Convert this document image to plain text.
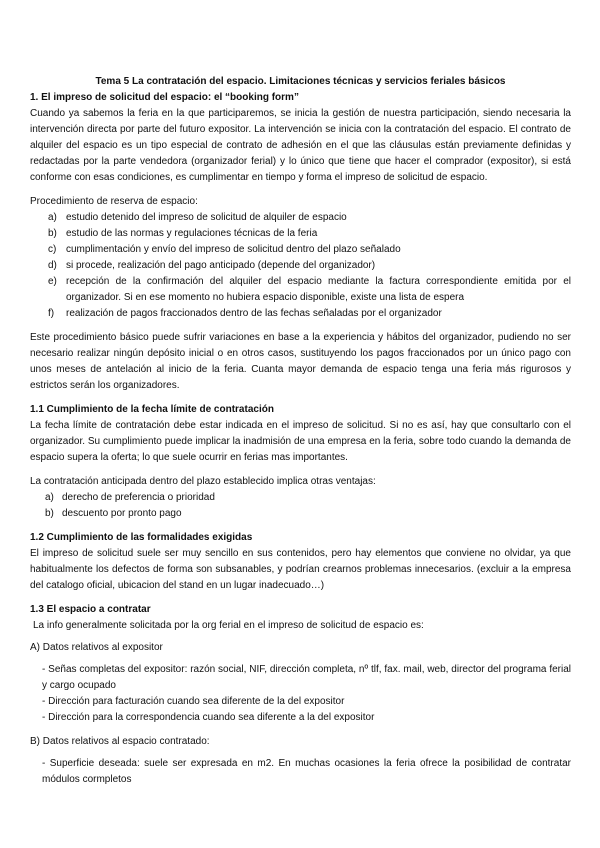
Tema 5 La contratación del espacio. Limitaciones técnicas y servicios feriales básicos
1. El impreso de solicitud del espacio: el “booking form”

Cuando ya sabemos la feria en la que participaremos, se inicia la gestión de nuestra participación, siendo necesaria la intervención directa por parte del futuro expositor. La intervención se inicia con la contratación del espacio. El contrato de alquiler del espacio es un tipo especial de contrato de adhesión en el que las cláusulas están previamente definidas y redactadas por la parte vendedora (organizador ferial) y lo único que tiene que hacer el comprador (expositor), si está conforme con esas condiciones, es cumplimentar en tiempo y forma el impreso de solicitud de espacio.

Procedimiento de reserva de espacio:

a) estudio detenido del impreso de solicitud de alquiler de espacio
b) estudio de las normas y regulaciones técnicas de la feria
c) cumplimentación y envío del impreso de solicitud dentro del plazo señalado
d) si procede, realización del pago anticipado (depende del organizador)
e) recepción de la confirmación del alquiler del espacio mediante la factura correspondiente emitida por el organizador. Si en ese momento no hubiera espacio disponible, existe una lista de espera
f)	realización de pagos fraccionados dentro de las fechas señaladas por el organizador

Este procedimiento básico puede sufrir variaciones en base a la experiencia y hábitos del organizador, pudiendo no ser necesario realizar ningún depósito inicial o en otros casos, sustituyendo los pagos fraccionados por un único pago con unos meses de antelación al inicio de la feria. Cuanta mayor demanda de espacio tenga una feria más rigurosos y estrictos serán los organizadores.

1.1 Cumplimiento de la fecha límite de contratación

La fecha límite de contratación debe estar indicada en el impreso de solicitud. Si no es así, hay que consultarlo con el organizador. Su cumplimiento puede implicar la inadmisión de una empresa en la feria, sobre todo cuando la demanda de espacio supera la oferta; lo que suele ocurrir en ferias mas importantes.

La contratación anticipada dentro del plazo establecido implica otras ventajas:

a) derecho de preferencia o prioridad
b) descuento por pronto pago
1.2 Cumplimiento de las formalidades exigidas

El impreso de solicitud suele ser muy sencillo en sus contenidos, pero hay elementos que conviene no olvidar, ya que habitualmente los defectos de forma son subsanables, y podrían crearnos problemas innecesarios. (excluir a la empresa del catalogo oficial, ubicacion del stand en un lugar inadecuado…)

1.3 El espacio a contratar

La info generalmente solicitada por la org ferial en el impreso de solicitud de espacio es:

A) Datos relativos al expositor

- Señas completas del expositor: razón social, NIF, dirección completa, nº tlf, fax. mail, web, director del programa ferial y cargo ocupado
- Dirección para facturación cuando sea diferente de la del expositor
- Dirección para la correspondencia cuando sea diferente a la del expositor

B) Datos relativos al espacio contratado:

- Superficie deseada: suele ser expresada en m2. En muchas ocasiones la feria ofrece la posibilidad de contratar módulos cormpletos
